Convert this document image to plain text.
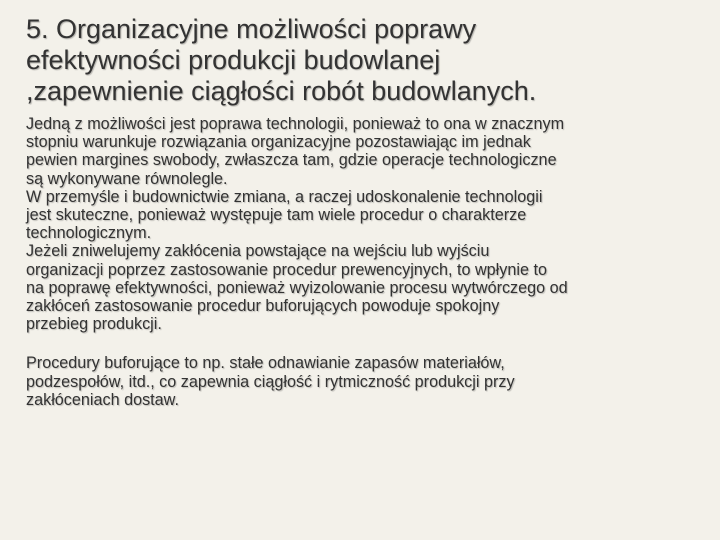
5. Organizacyjne możliwości poprawy
efektywności produkcji budowlanej
,zapewnienie ciągłości robót budowlanych.
Jedną z możliwości jest poprawa technologii, ponieważ to ona w znacznym
stopniu warunkuje rozwiązania organizacyjne pozostawiając im jednak
pewien margines swobody, zwłaszcza tam, gdzie operacje technologiczne
są wykonywane równolegle.
W przemyśle i budownictwie zmiana, a raczej udoskonalenie technologii
jest skuteczne, ponieważ występuje tam wiele procedur o charakterze
technologicznym.
Jeżeli zniwelujemy zakłócenia powstające na wejściu lub wyjściu
organizacji poprzez zastosowanie procedur prewencyjnych, to wpłynie to
na poprawę efektywności, ponieważ wyizolowanie procesu wytwórczego od
zakłóceń zastosowanie procedur buforujących powoduje spokojny
przebieg produkcji.
Procedury buforujące to np. stałe odnawianie zapasów materiałów,
podzespołów, itd., co zapewnia ciągłość i rytmiczność produkcji przy
zakłóceniach dostaw.
